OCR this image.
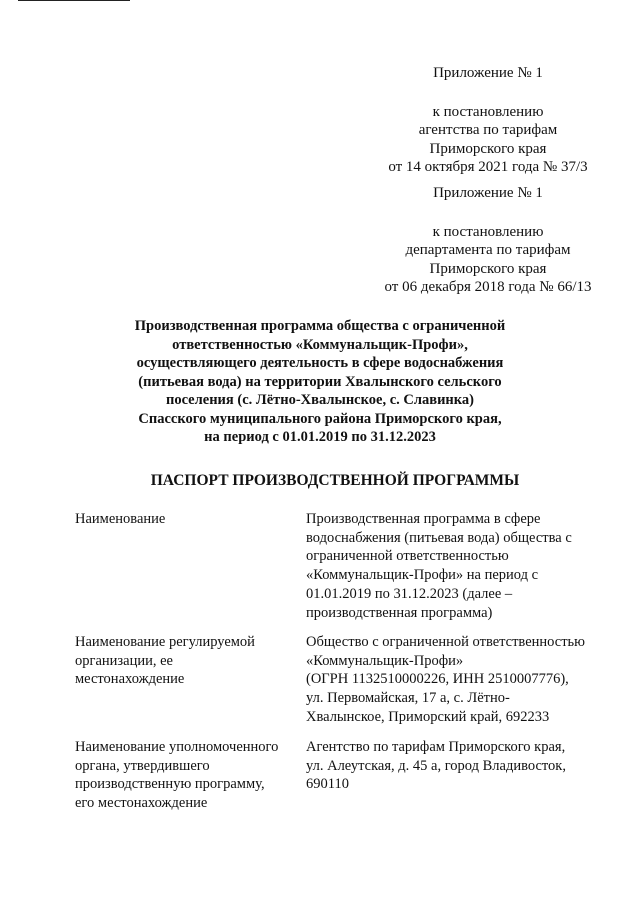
Приложение № 1
к постановлению
агентства по тарифам
Приморского края
от 14 октября 2021 года № 37/3
Приложение № 1
к постановлению
департамента по тарифам
Приморского края
от 06 декабря 2018 года № 66/13
Производственная программа общества с ограниченной
ответственностью «Коммунальщик-Профи»,
осуществляющего деятельность в сфере водоснабжения
(питьевая вода) на территории Хвалынского сельского
поселения (с. Лётно-Хвалынское, с. Славинка)
Спасского муниципального района Приморского края,
на период с 01.01.2019 по 31.12.2023
ПАСПОРТ ПРОИЗВОДСТВЕННОЙ ПРОГРАММЫ
Наименование	Производственная программа в сфере
водоснабжения (питьевая вода) общества с
ограниченной ответственностью
«Коммунальщик-Профи» на период с
01.01.2019 по 31.12.2023 (далее –
производственная программа)
Наименование регулируемой
организации, ее
местонахождение
Общество с ограниченной ответственностью
«Коммунальщик-Профи»
(ОГРН 1132510000226, ИНН 2510007776),
ул. Первомайская, 17 а, с. Лётно-
Хвалынское, Приморский край, 692233
Наименование уполномоченного
органа, утвердившего
производственную программу,
его местонахождение
Агентство по тарифам Приморского края,
ул. Алеутская, д. 45 а, город Владивосток,
690110
